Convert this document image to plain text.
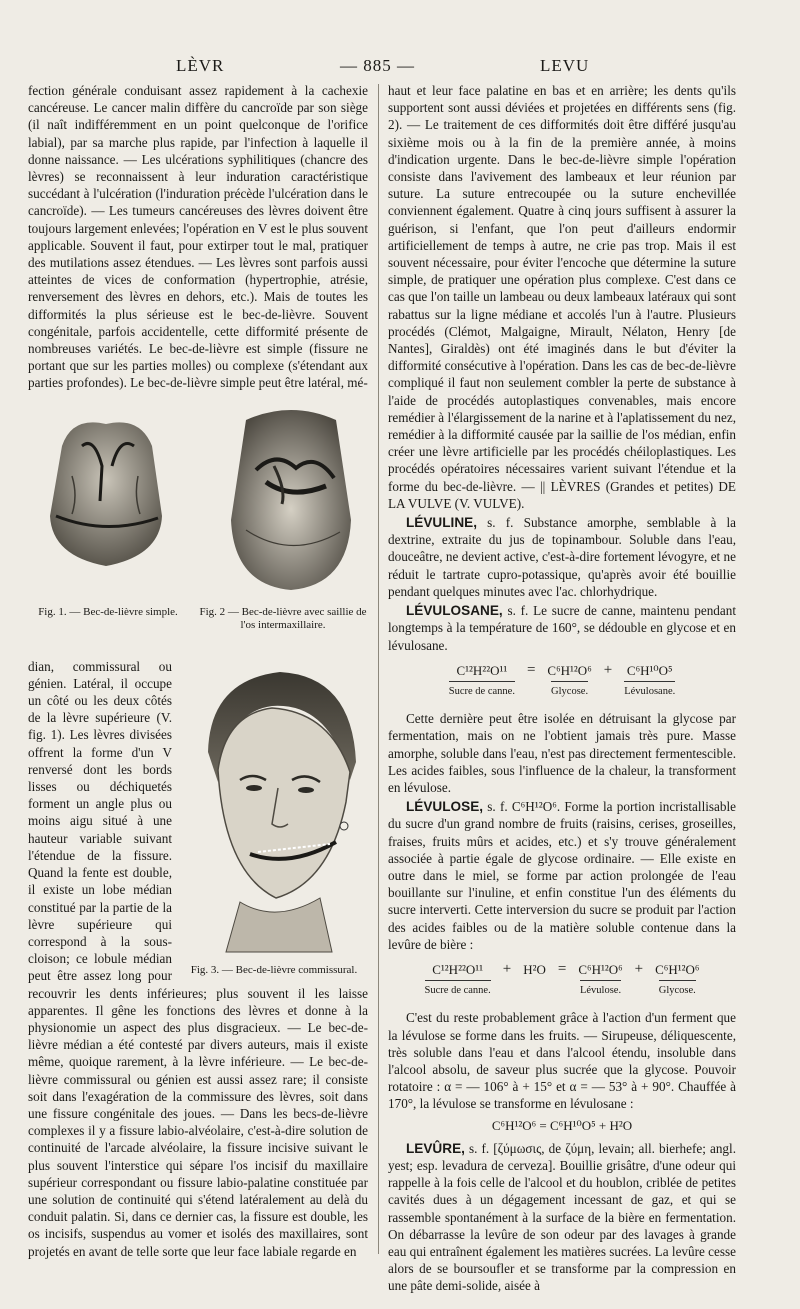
LÈVR	— 885 —	LEVU

fection générale conduisant assez rapidement à la cachexie cancéreuse. Le cancer malin diffère du cancroïde par son siège (il naît indifféremment en un point quelconque de l'orifice labial), par sa marche plus rapide, par l'infection à laquelle il donne naissance. — Les ulcérations syphilitiques (chancre des lèvres) se reconnaissent à leur induration caractéristique succédant à l'ulcération (l'induration précède l'ulcération dans le cancroïde). — Les tumeurs cancéreuses des lèvres doivent être toujours largement enlevées; l'opération en V est le plus souvent applicable. Souvent il faut, pour extirper tout le mal, pratiquer des mutilations assez étendues. — Les lèvres sont parfois aussi atteintes de vices de conformation (hypertrophie, atrésie, renversement des lèvres en dehors, etc.). Mais de toutes les difformités la plus sérieuse est le bec-de-lièvre. Souvent congénitale, parfois accidentelle, cette difformité présente de nombreuses variétés. Le bec-de-lièvre est simple (fissure ne portant que sur les parties molles) ou complexe (s'étendant aux parties profondes). Le bec-de-lièvre simple peut être latéral, mé-

Fig. 1. — Bec-de-lièvre simple.	Fig. 2 — Bec-de-lièvre avec saillie de l'os intermaxillaire.
Fig. 3. — Bec-de-lièvre commissural.

dian, commissural ou génien. Latéral, il occupe un côté ou les deux côtés de la lèvre supérieure (V. fig. 1). Les lèvres divisées offrent la forme d'un V renversé dont les bords lisses ou déchiquetés forment un angle plus ou moins aigu situé à une hauteur variable suivant l'étendue de la fissure. Quand la fente est double, il existe un lobe médian constitué par la partie de la lèvre supérieure qui correspond à la sous-cloison; ce lobule médian peut être assez long pour recouvrir les dents inférieures; plus souvent il les laisse apparentes. Il gêne les fonctions des lèvres et donne à la physionomie un aspect des plus disgracieux. — Le bec-de-lièvre médian a été contesté par divers auteurs, mais il existe même, quoique rarement, à la lèvre inférieure. — Le bec-de-lièvre commissural ou génien est aussi assez rare; il consiste soit dans l'exagération de la commissure des lèvres, soit dans une fissure congénitale des joues. — Dans les becs-de-lièvre complexes il y a fissure labio-alvéolaire, c'est-à-dire solution de continuité de l'arcade alvéolaire, la fissure incisive suivant le plus souvent l'interstice qui sépare l'os incisif du maxillaire supérieur correspondant ou fissure labio-palatine constituée par une solution de continuité qui s'étend latéralement au delà du conduit palatin. Si, dans ce dernier cas, la fissure est double, les os incisifs, suspendus au vomer et isolés des maxillaires, sont projetés en avant de telle sorte que leur face labiale regarde en

haut et leur face palatine en bas et en arrière; les dents qu'ils supportent sont aussi déviées et projetées en différents sens (fig. 2). — Le traitement de ces difformités doit être différé jusqu'au sixième mois ou à la fin de la première année, à moins d'indication urgente. Dans le bec-de-lièvre simple l'opération consiste dans l'avivement des lambeaux et leur réunion par suture. La suture entrecoupée ou la suture enchevillée conviennent également. Quatre à cinq jours suffisent à assurer la guérison, si l'enfant, que l'on peut d'ailleurs endormir artificiellement de temps à autre, ne crie pas trop. Mais il est souvent nécessaire, pour éviter l'encoche que détermine la suture simple, de pratiquer une opération plus complexe. C'est dans ce cas que l'on taille un lambeau ou deux lambeaux latéraux qui sont rabattus sur la ligne médiane et accolés l'un à l'autre. Plusieurs procédés (Clémot, Malgaigne, Mirault, Nélaton, Henry [de Nantes], Giraldès) ont été imaginés dans le but d'éviter la difformité consécutive à l'opération. Dans les cas de bec-de-lièvre compliqué il faut non seulement combler la perte de substance à l'aide de procédés autoplastiques convenables, mais encore remédier à l'élargissement de la narine et à l'aplatissement du nez, remédier à la difformité causée par la saillie de l'os médian, enfin créer une lèvre artificielle par les procédés chéiloplastiques. Les procédés opératoires nécessaires varient suivant l'étendue et la forme du bec-de-lièvre. — || LÈVRES (Grandes et petites) DE LA VULVE (V. VULVE).

LÉVULINE, s. f. Substance amorphe, semblable à la dextrine, extraite du jus de topinambour. Soluble dans l'eau, douceâtre, ne devient active, c'est-à-dire fortement lévogyre, et ne réduit le tartrate cupro-potassique, qu'après avoir été bouillie pendant quelques minutes avec l'ac. chlorhydrique.

LÉVULOSANE, s. f. Le sucre de canne, maintenu pendant longtemps à la température de 160°, se dédouble en glycose et en lévulosane.

C¹²H²²O¹¹
Sucre de canne.
= C⁶H¹²O⁶
Glycose.
+ C⁶H¹⁰O⁵
Lévulosane.

Cette dernière peut être isolée en détruisant la glycose par fermentation, mais on ne l'obtient jamais très pure. Masse amorphe, soluble dans l'eau, n'est pas directement fermentescible. Les acides faibles, sous l'influence de la chaleur, la transforment en lévulose.

LÉVULOSE, s. f. C⁶H¹²O⁶. Forme la portion incristallisable du sucre d'un grand nombre de fruits (raisins, cerises, groseilles, fraises, fruits mûrs et acides, etc.) et s'y trouve généralement associée à partie égale de glycose ordinaire. — Elle existe en outre dans le miel, se forme par action prolongée de l'eau bouillante sur l'inuline, et enfin constitue l'un des éléments du sucre interverti. Cette interversion du sucre se produit par l'action des acides faibles ou de la matière soluble contenue dans la levûre de bière :

C¹²H²²O¹¹
Sucre de canne.
+ H²O = C⁶H¹²O⁶
Lévulose.
+ C⁶H¹²O⁶
Glycose.

C'est du reste probablement grâce à l'action d'un ferment que la lévulose se forme dans les fruits. — Sirupeuse, déliquescente, très soluble dans l'eau et dans l'alcool étendu, insoluble dans l'alcool absolu, de saveur plus sucrée que la glycose. Pouvoir rotatoire : α = — 106° à + 15° et α = — 53° à + 90°. Chauffée à 170°, la lévulose se transforme en lévulosane :

C⁶H¹²O⁶ = C⁶H¹⁰O⁵ + H²O

LEVÛRE, s. f. [ζύμωσις, de ζύμη, levain; all. bierhefe; angl. yest; esp. levadura de cerveza]. Bouillie grisâtre, d'une odeur qui rappelle à la fois celle de l'alcool et du houblon, criblée de petites cavités dues à un dégagement incessant de gaz, et qui se rassemble spontanément à la surface de la bière en fermentation. On débarrasse la levûre de son odeur par des lavages à grande eau qui entraînent également les matières sucrées. La levûre cesse alors de se boursoufler et se transforme par la compression en une pâte demi-solide, aisée à
